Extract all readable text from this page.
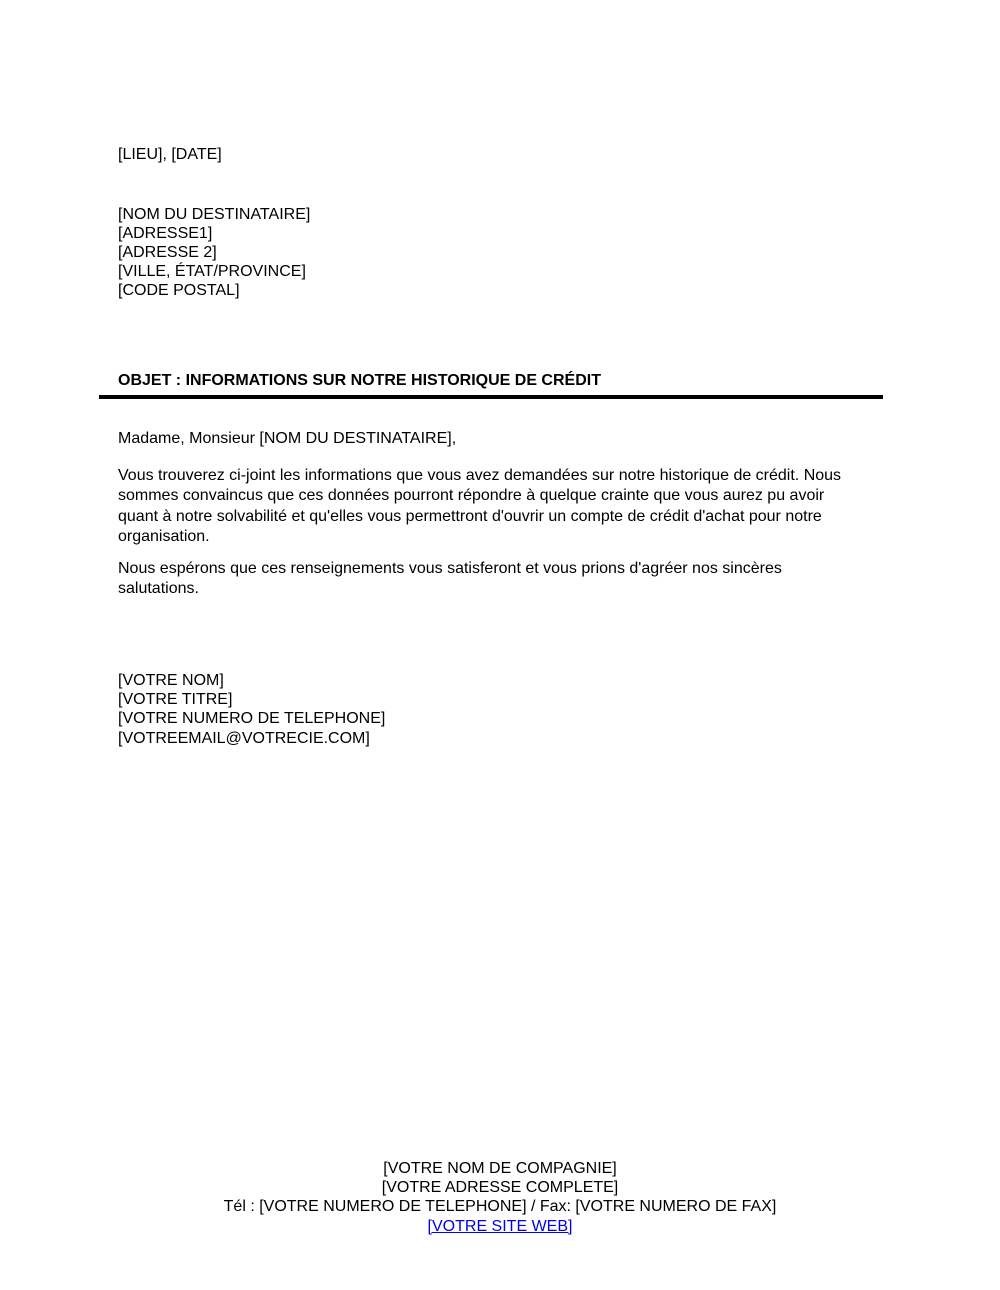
[LIEU], [DATE]
[NOM DU DESTINATAIRE]
[ADRESSE1]
[ADRESSE 2]
[VILLE, ÉTAT/PROVINCE]
[CODE POSTAL]
OBJET : INFORMATIONS SUR NOTRE HISTORIQUE DE CRÉDIT
Madame, Monsieur [NOM DU DESTINATAIRE],
Vous trouverez ci-joint les informations que vous avez demandées sur notre historique de crédit. Nous
sommes convaincus que ces données pourront répondre à quelque crainte que vous aurez pu avoir
quant à notre solvabilité et qu'elles vous permettront d'ouvrir un compte de crédit d'achat pour notre
organisation.
Nous espérons que ces renseignements vous satisferont et vous prions d'agréer nos sincères
salutations.
[VOTRE NOM]
[VOTRE TITRE]
[VOTRE NUMERO DE TELEPHONE]
[VOTREEMAIL@VOTRECIE.COM]
[VOTRE NOM DE COMPAGNIE]
[VOTRE ADRESSE COMPLETE]
Tél : [VOTRE NUMERO DE TELEPHONE] / Fax: [VOTRE NUMERO DE FAX]
[VOTRE SITE WEB]
